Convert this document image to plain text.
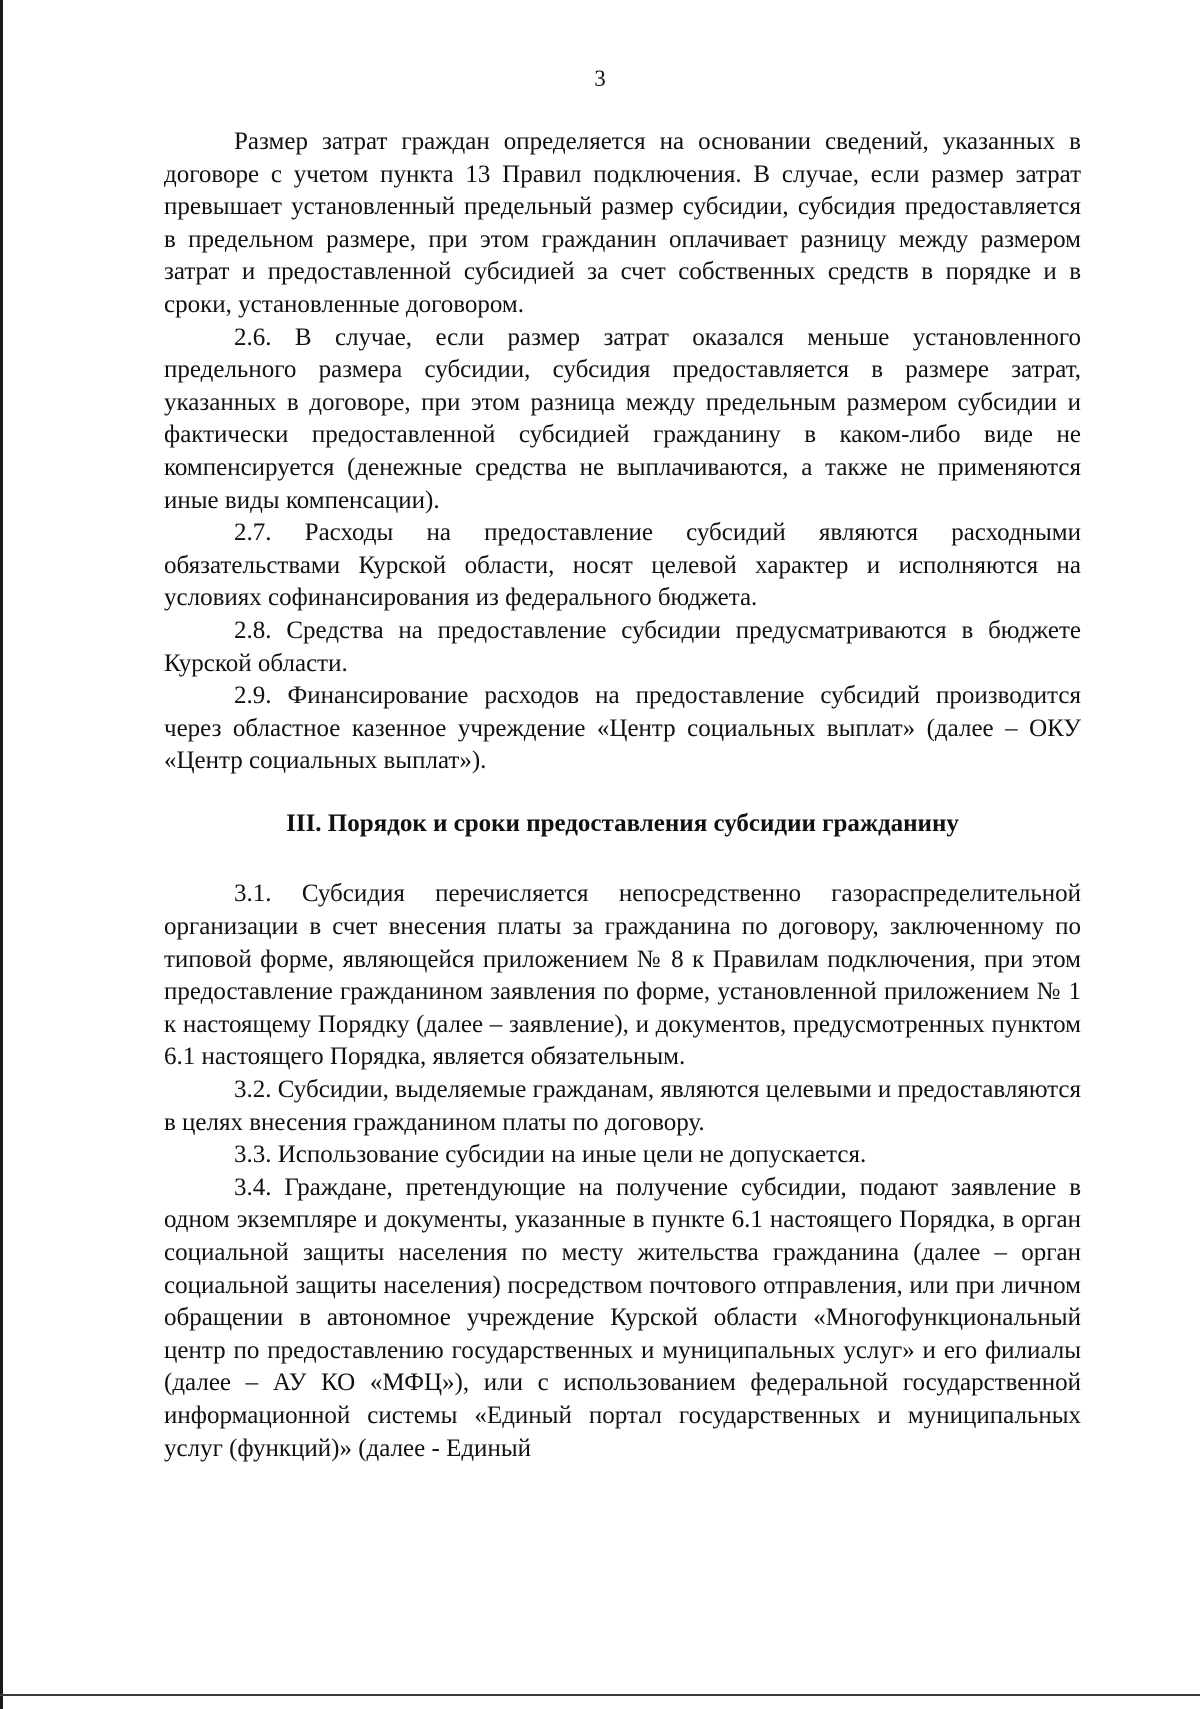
3

Размер затрат граждан определяется на основании сведений, указанных в договоре с учетом пункта 13 Правил подключения. В случае, если размер затрат превышает установленный предельный размер субсидии, субсидия предоставляется в предельном размере, при этом гражданин оплачивает разницу между размером затрат и предоставленной субсидией за счет собственных средств в порядке и в сроки, установленные договором.

2.6. В случае, если размер затрат оказался меньше установленного предельного размера субсидии, субсидия предоставляется в размере затрат, указанных в договоре, при этом разница между предельным размером субсидии и фактически предоставленной субсидией гражданину в каком-либо виде не компенсируется (денежные средства не выплачиваются, а также не применяются иные виды компенсации).

2.7. Расходы на предоставление субсидий являются расходными обязательствами Курской области, носят целевой характер и исполняются на условиях софинансирования из федерального бюджета.

2.8. Средства на предоставление субсидии предусматриваются в бюджете Курской области.

2.9. Финансирование расходов на предоставление субсидий производится через областное казенное учреждение «Центр социальных выплат» (далее – ОКУ «Центр социальных выплат»).

III. Порядок и сроки предоставления субсидии гражданину

3.1. Субсидия перечисляется непосредственно газораспределительной организации в счет внесения платы за гражданина по договору, заключенному по типовой форме, являющейся приложением № 8 к Правилам подключения, при этом предоставление гражданином заявления по форме, установленной приложением № 1 к настоящему Порядку (далее – заявление), и документов, предусмотренных пунктом 6.1 настоящего Порядка, является обязательным.

3.2. Субсидии, выделяемые гражданам, являются целевыми и предоставляются в целях внесения гражданином платы по договору.

3.3. Использование субсидии на иные цели не допускается.

3.4. Граждане, претендующие на получение субсидии, подают заявление в одном экземпляре и документы, указанные в пункте 6.1 настоящего Порядка, в орган социальной защиты населения по месту жительства гражданина (далее – орган социальной защиты населения) посредством почтового отправления, или при личном обращении в автономное учреждение Курской области «Многофункциональный центр по предоставлению государственных и муниципальных услуг» и его филиалы (далее – АУ КО «МФЦ»), или с использованием федеральной государственной информационной системы «Единый портал государственных и муниципальных услуг (функций)» (далее - Единый
